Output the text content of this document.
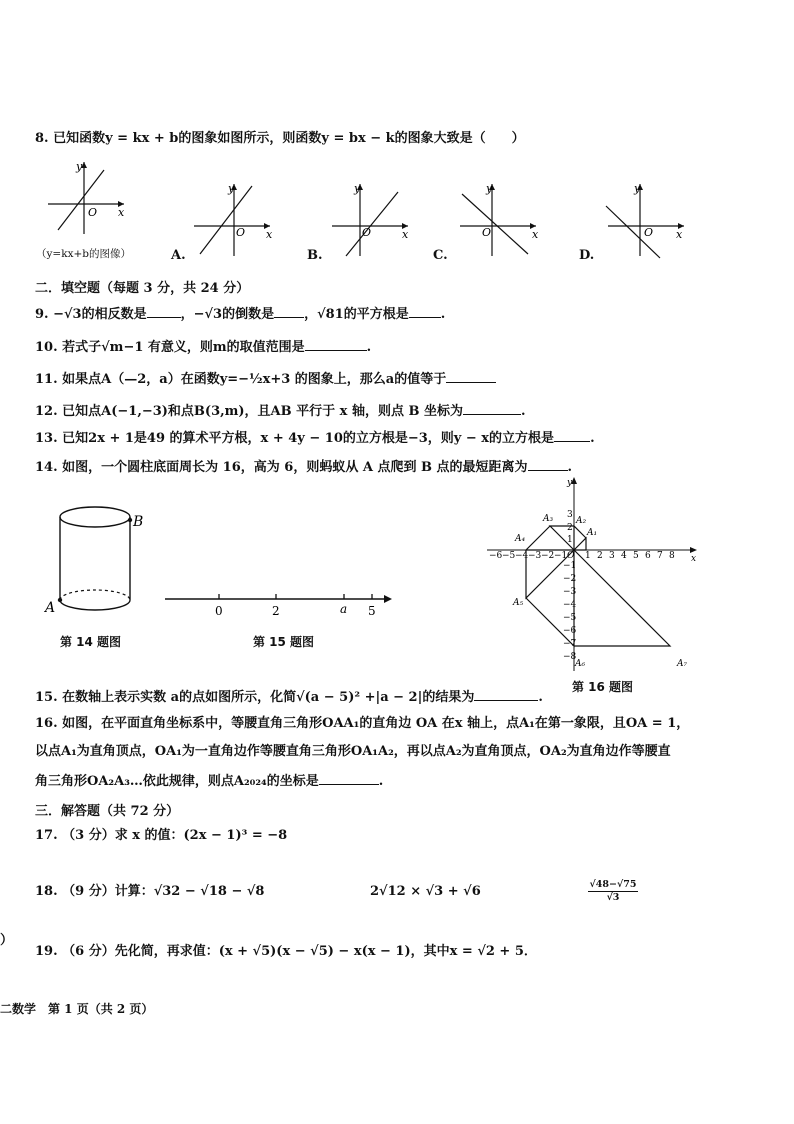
8. 已知函数y = kx + b的图象如图所示，则函数y = bx − k的图象大致是（　　）
x
y
O
（y=kx+b的图像）
y
x
O
A.
y
x
O
B.
y
x
O
C.
y
x
O
D.
二．填空题（每题 3 分，共 24 分）
9. −√3的相反数是	，−√3的倒数是 ，√81的平方根是 .
10. 若式子√m−1 有意义，则m的取值范围是	.
11. 如果点A（—2，a）在函数y=−½x+3 的图象上，那么a的值等于
12. 已知点A(−1,−3)和点B(3,m)，且AB 平行于 x 轴，则点 B 坐标为	.
13. 已知2x + 1是49 的算术平方根，x + 4y − 10的立方根是−3，则y − x的立方根是	.
14. 如图，一个圆柱底面周长为 16，高为 6，则蚂蚁从 A 点爬到 B 点的最短距离为	.
B
A
第 14 题图
0	2	a 5
第 15 题图
x
y
−6 −5 −4 −3 −2 −1 O 1 2 3 4 5 6 7 8
3
2
1
−1
−2
−3
−4
−5
−6
−7
−8
A₁
A₂
A₃
A₄
A₅
A₆	A₇
第 16 题图
15. 在数轴上表示实数 a的点如图所示，化简√(a − 5)² +|a − 2|的结果为	.
16. 如图，在平面直角坐标系中，等腰直角三角形OAA₁的直角边 OA 在x 轴上，点A₁在第一象限，且OA = 1，
以点A₁为直角顶点，OA₁为一直角边作等腰直角三角形OA₁A₂，再以点A₂为直角顶点，OA₂为直角边作等腰直
角三角形OA₂A₃…依此规律，则点A₂₀₂₄的坐标是	.
三．解答题（共 72 分）
17. （3 分）求 x 的值：(2x − 1)³ = −8
18. （9 分）计算：√32 − √18 − √8	2√12 × √3 + √6	$\frac{√48-√75}{√3}$
）
19. （6 分）先化简，再求值：(x + √5)(x − √5) − x(x − 1)，其中x = √2 + 5．
二数学　第 1 页（共 2 页）
